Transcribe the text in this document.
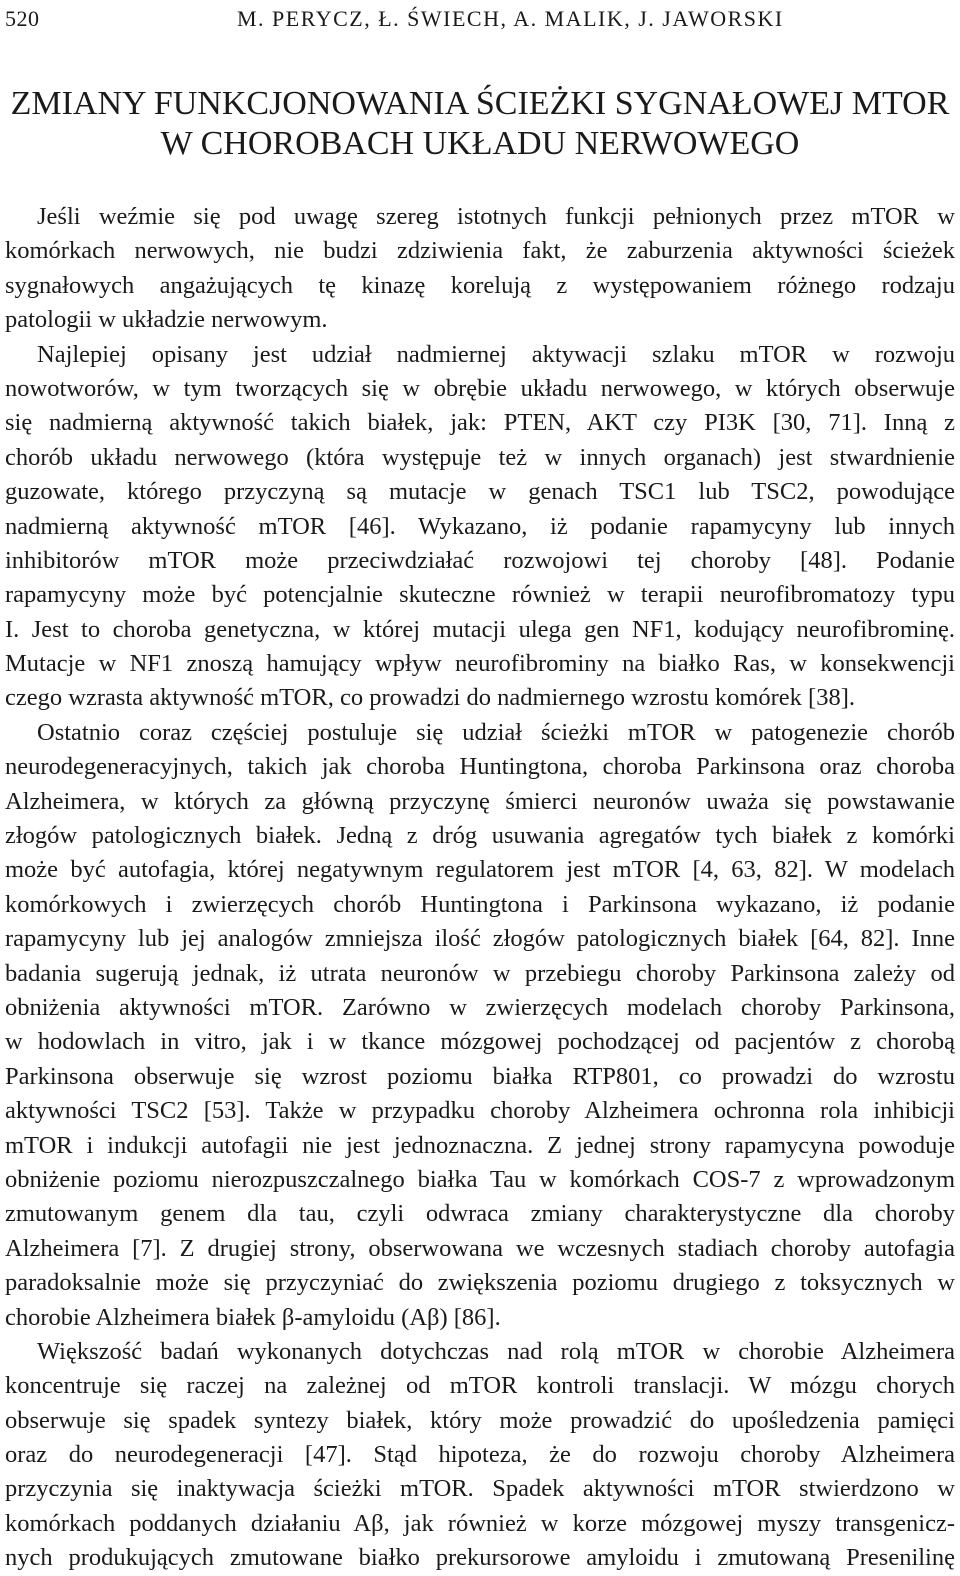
520	M. PERYCZ, Ł. ŚWIECH, A. MALIK, J. JAWORSKI
ZMIANY FUNKCJONOWANIA ŚCIEŻKI SYGNAŁOWEJ MTOR
W CHOROBACH UKŁADU NERWOWEGO
Jeśli weźmie się pod uwagę szereg istotnych funkcji pełnionych przez mTOR w
komórkach nerwowych, nie budzi zdziwienia fakt, że zaburzenia aktywności ścieżek
sygnałowych angażujących tę kinazę korelują z występowaniem różnego rodzaju
patologii w układzie nerwowym.
Najlepiej opisany jest udział nadmiernej aktywacji szlaku mTOR w rozwoju
nowotworów, w tym tworzących się w obrębie układu nerwowego, w których obserwuje
się nadmierną aktywność takich białek, jak: PTEN, AKT czy PI3K [30, 71]. Inną z
chorób układu nerwowego (która występuje też w innych organach) jest stwardnienie
guzowate, którego przyczyną są mutacje w genach TSC1 lub TSC2, powodujące
nadmierną aktywność mTOR [46]. Wykazano, iż podanie rapamycyny lub innych
inhibitorów mTOR może przeciwdziałać rozwojowi tej choroby [48]. Podanie
rapamycyny może być potencjalnie skuteczne również w terapii neurofibromatozy typu
I. Jest to choroba genetyczna, w której mutacji ulega gen NF1, kodujący neurofibrominę.
Mutacje w NF1 znoszą hamujący wpływ neurofibrominy na białko Ras, w konsekwencji
czego wzrasta aktywność mTOR, co prowadzi do nadmiernego wzrostu komórek [38].
Ostatnio coraz częściej postuluje się udział ścieżki mTOR w patogenezie chorób
neurodegeneracyjnych, takich jak choroba Huntingtona, choroba Parkinsona oraz choroba
Alzheimera, w których za główną przyczynę śmierci neuronów uważa się powstawanie
złogów patologicznych białek. Jedną z dróg usuwania agregatów tych białek z komórki
może być autofagia, której negatywnym regulatorem jest mTOR [4, 63, 82]. W modelach
komórkowych i zwierzęcych chorób Huntingtona i Parkinsona wykazano, iż podanie
rapamycyny lub jej analogów zmniejsza ilość złogów patologicznych białek [64, 82]. Inne
badania sugerują jednak, iż utrata neuronów w przebiegu choroby Parkinsona zależy od
obniżenia aktywności mTOR. Zarówno w zwierzęcych modelach choroby Parkinsona,
w hodowlach in vitro, jak i w tkance mózgowej pochodzącej od pacjentów z chorobą
Parkinsona obserwuje się wzrost poziomu białka RTP801, co prowadzi do wzrostu
aktywności TSC2 [53]. Także w przypadku choroby Alzheimera ochronna rola inhibicji
mTOR i indukcji autofagii nie jest jednoznaczna. Z jednej strony rapamycyna powoduje
obniżenie poziomu nierozpuszczalnego białka Tau w komórkach COS-7 z wprowadzonym
zmutowanym genem dla tau, czyli odwraca zmiany charakterystyczne dla choroby
Alzheimera [7]. Z drugiej strony, obserwowana we wczesnych stadiach choroby autofagia
paradoksalnie może się przyczyniać do zwiększenia poziomu drugiego z toksycznych w
chorobie Alzheimera białek β-amyloidu (Aβ) [86].
Większość badań wykonanych dotychczas nad rolą mTOR w chorobie Alzheimera
koncentruje się raczej na zależnej od mTOR kontroli translacji. W mózgu chorych
obserwuje się spadek syntezy białek, który może prowadzić do upośledzenia pamięci
oraz do neurodegeneracji [47]. Stąd hipoteza, że do rozwoju choroby Alzheimera
przyczynia się inaktywacja ścieżki mTOR. Spadek aktywności mTOR stwierdzono w
komórkach poddanych działaniu Aβ, jak również w korze mózgowej myszy transgenicz-
nych produkujących zmutowane białko prekursorowe amyloidu i zmutowaną Presenilinę
